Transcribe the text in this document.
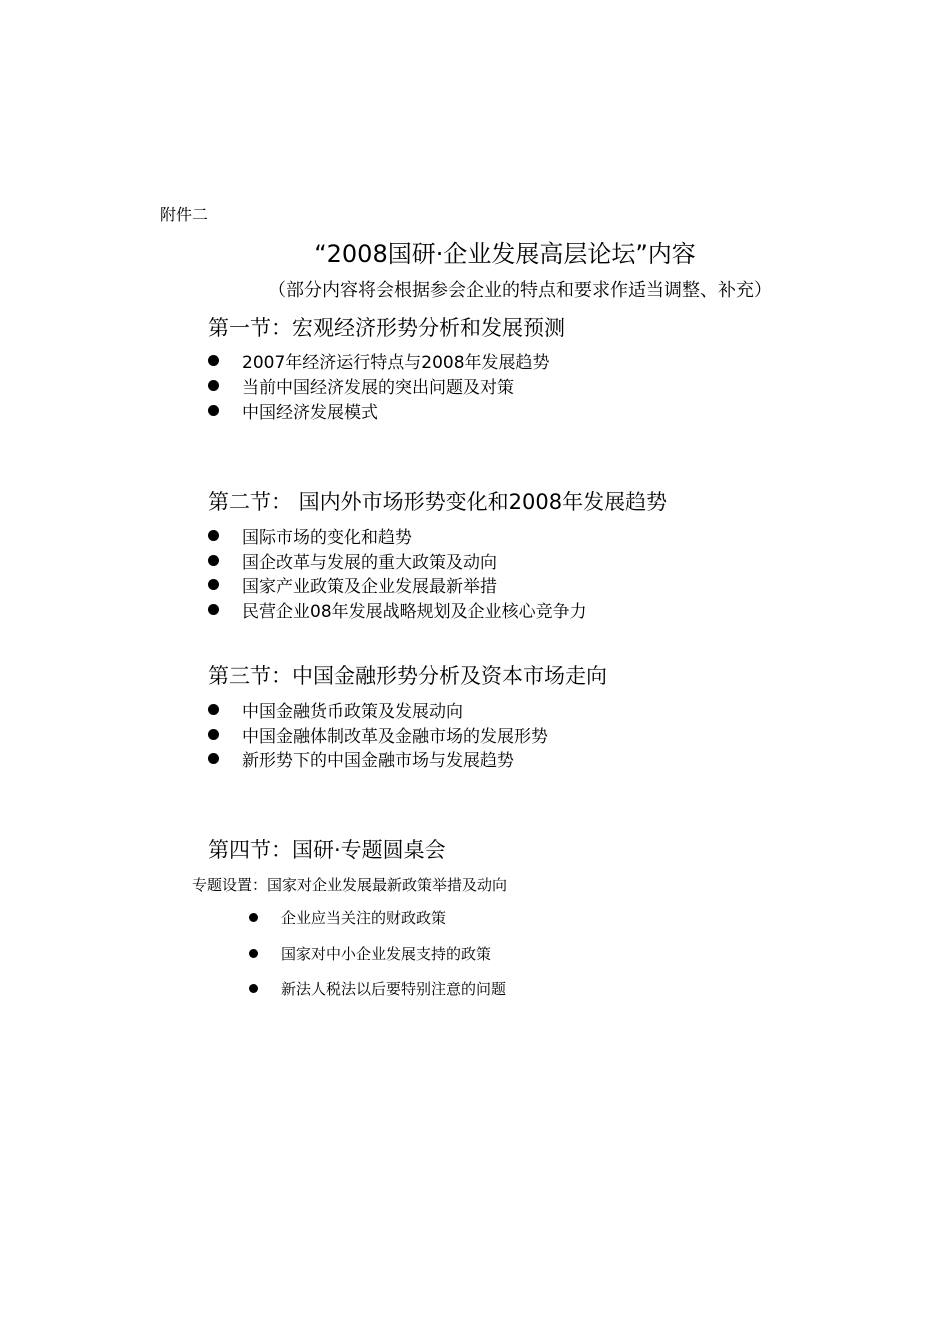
附件二
“2008国研·企业发展高层论坛”内容
（部分内容将会根据参会企业的特点和要求作适当调整、补充）
第一节：宏观经济形势分析和发展预测
2007年经济运行特点与2008年发展趋势
当前中国经济发展的突出问题及对策
中国经济发展模式
第二节： 国内外市场形势变化和2008年发展趋势
国际市场的变化和趋势
国企改革与发展的重大政策及动向
国家产业政策及企业发展最新举措
民营企业08年发展战略规划及企业核心竞争力
第三节：中国金融形势分析及资本市场走向
中国金融货币政策及发展动向
中国金融体制改革及金融市场的发展形势
新形势下的中国金融市场与发展趋势
第四节：国研·专题圆桌会
专题设置：国家对企业发展最新政策举措及动向
企业应当关注的财政政策
国家对中小企业发展支持的政策
新法人税法以后要特别注意的问题
